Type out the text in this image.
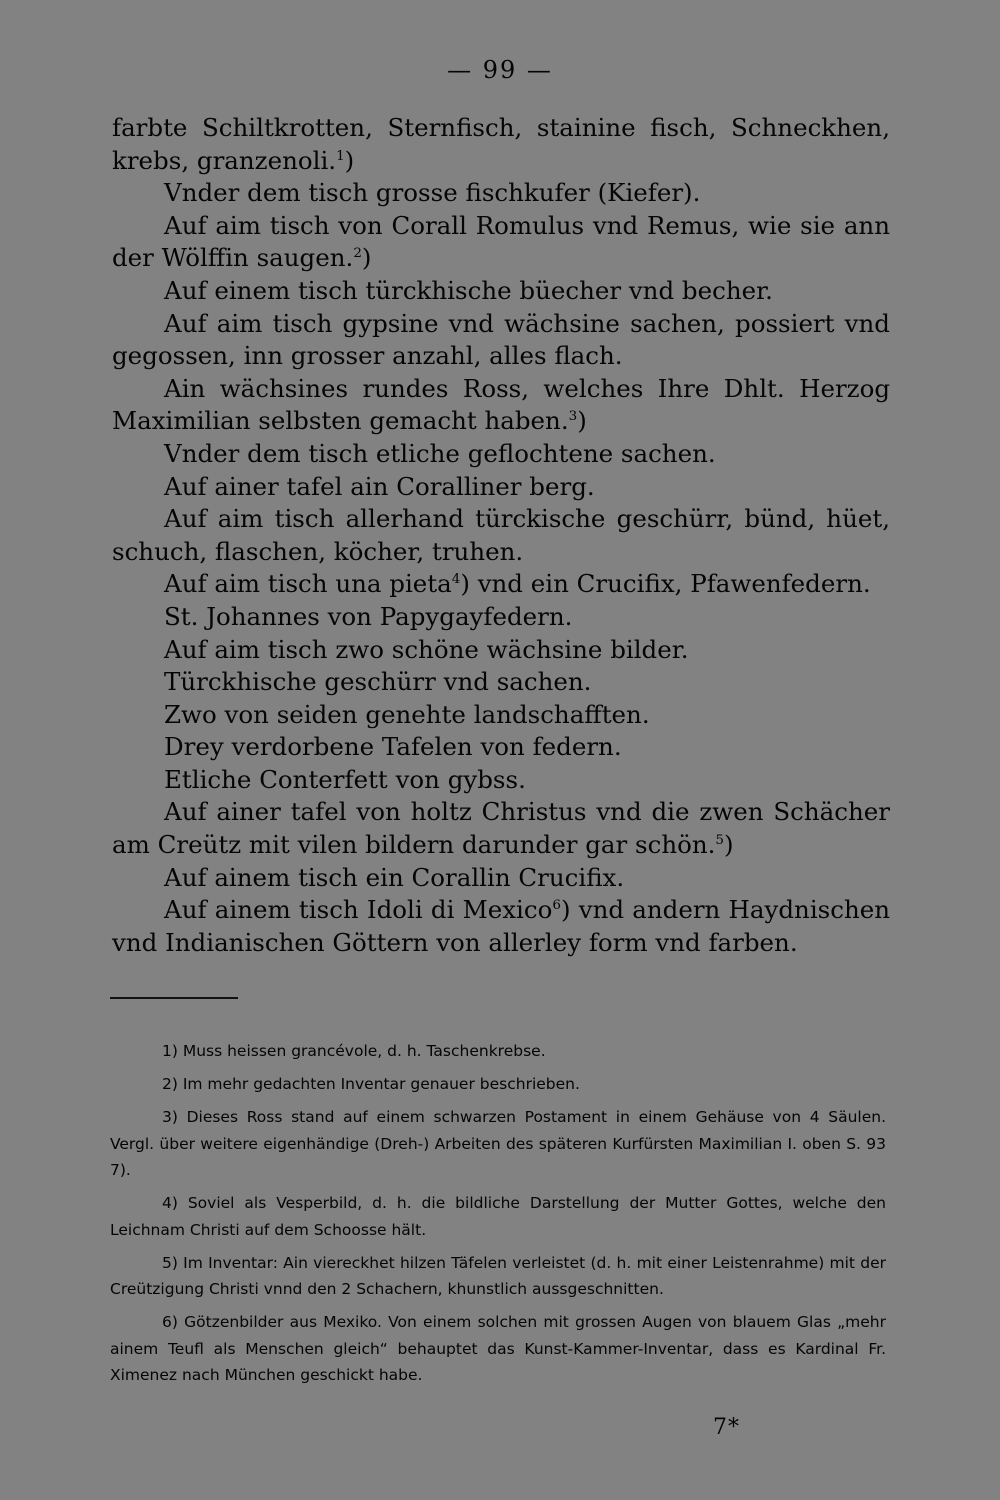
— 99 —

farbte Schiltkrotten, Sternfisch, stainine fisch, Schneckhen, krebs, granzenoli.$^1$)

Vnder dem tisch grosse fischkufer (Kiefer).

Auf aim tisch von Corall Romulus vnd Remus, wie sie ann der Wölffin saugen.$^2$)

Auf einem tisch türckhische büecher vnd becher.

Auf aim tisch gypsine vnd wächsine sachen, possiert vnd gegossen, inn grosser anzahl, alles flach.

Ain wächsines rundes Ross, welches Ihre Dhlt. Herzog Maximilian selbsten gemacht haben.$^3$)

Vnder dem tisch etliche geflochtene sachen.

Auf ainer tafel ain Coralliner berg.

Auf aim tisch allerhand türckische geschürr, bünd, hüet, schuch, flaschen, köcher, truhen.

Auf aim tisch una pieta$^4$) vnd ein Crucifix, Pfawenfedern.

St. Johannes von Papygayfedern.

Auf aim tisch zwo schöne wächsine bilder.

Türckhische geschürr vnd sachen.

Zwo von seiden genehte landschafften.

Drey verdorbene Tafelen von federn.

Etliche Conterfett von gybss.

Auf ainer tafel von holtz Christus vnd die zwen Schächer am Creütz mit vilen bildern darunder gar schön.$^5$)

Auf ainem tisch ein Corallin Crucifix.

Auf ainem tisch Idoli di Mexico$^6$) vnd andern Haydnischen vnd Indianischen Göttern von allerley form vnd farben.

1) Muss heissen grancévole, d. h. Taschenkrebse.

2) Im mehr gedachten Inventar genauer beschrieben.

3) Dieses Ross stand auf einem schwarzen Postament in einem Gehäuse von 4 Säulen. Vergl. über weitere eigenhändige (Dreh-) Arbeiten des späteren Kurfürsten Maximilian I. oben S. 93 7).

4) Soviel als Vesperbild, d. h. die bildliche Darstellung der Mutter Gottes, welche den Leichnam Christi auf dem Schoosse hält.

5) Im Inventar: Ain viereckhet hilzen Täfelen verleistet (d. h. mit einer Leistenrahme) mit der Creützigung Christi vnnd den 2 Schachern, khunstlich aussgeschnitten.

6) Götzenbilder aus Mexiko. Von einem solchen mit grossen Augen von blauem Glas „mehr ainem Teufl als Menschen gleich“ behauptet das Kunst-Kammer-Inventar, dass es Kardinal Fr. Ximenez nach München geschickt habe.

7*
